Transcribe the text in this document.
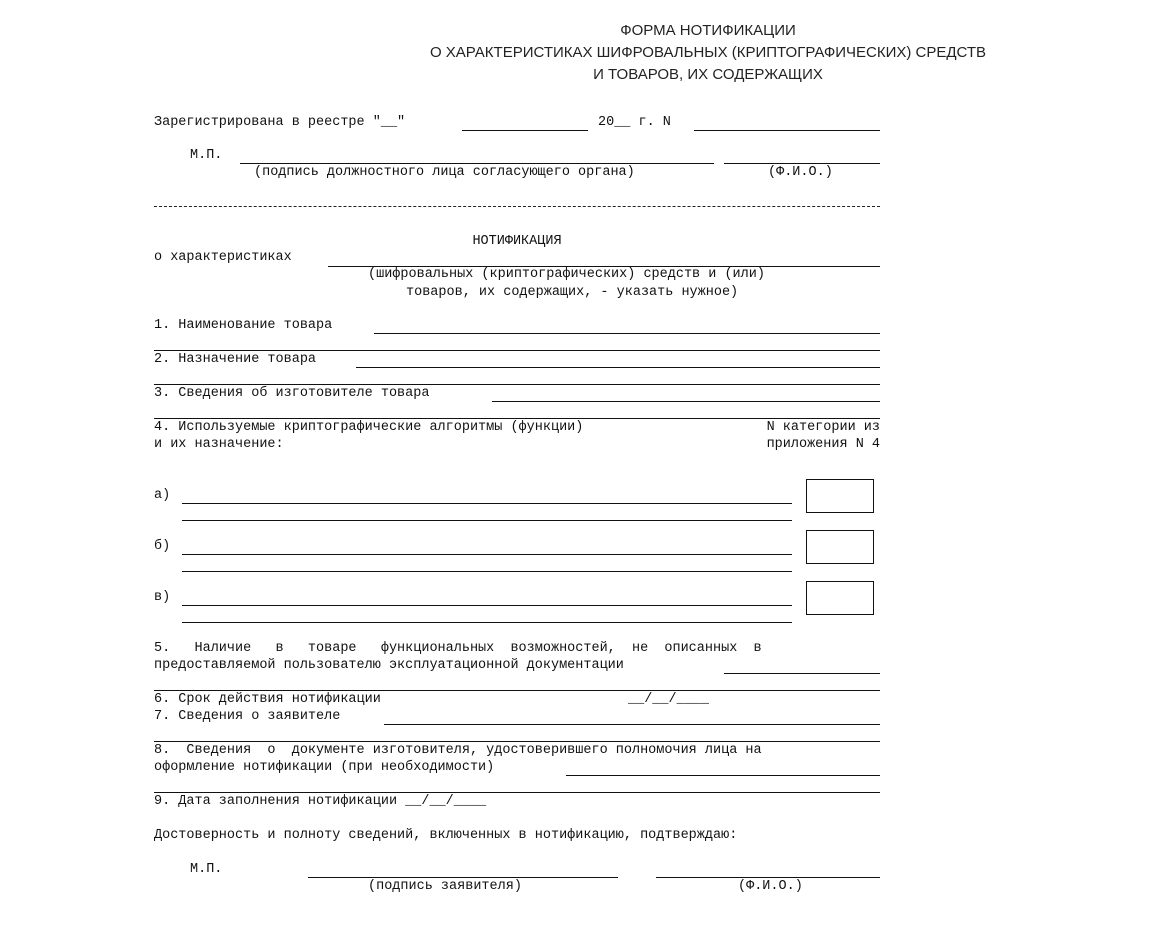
ФОРМА НОТИФИКАЦИИ
О ХАРАКТЕРИСТИКАХ ШИФРОВАЛЬНЫХ (КРИПТОГРАФИЧЕСКИХ) СРЕДСТВ
И ТОВАРОВ, ИХ СОДЕРЖАЩИХ
Зарегистрирована в реестре "__"	20__ г. N
М.П.
(подпись должностного лица согласующего органа)	(Ф.И.О.)
НОТИФИКАЦИЯ
о характеристиках
(шифровальных (криптографических) средств и (или)
товаров, их содержащих, - указать нужное)
1. Наименование товара
2. Назначение товара
3. Сведения об изготовителе товара
4. Используемые криптографические алгоритмы (функции)
и их назначение:
N категории из
приложения N 4
а)
б)
в)
5.   Наличие   в   товаре   функциональных  возможностей,  не  описанных  в
предоставляемой пользователю эксплуатационной документации
6. Срок действия нотификации	__/__/____
7. Сведения о заявителе
8.  Сведения  о  документе изготовителя, удостоверившего полномочия лица на
оформление нотификации (при необходимости)
9. Дата заполнения нотификации __/__/____
Достоверность и полноту сведений, включенных в нотификацию, подтверждаю:
М.П.
(подпись заявителя)	(Ф.И.О.)
